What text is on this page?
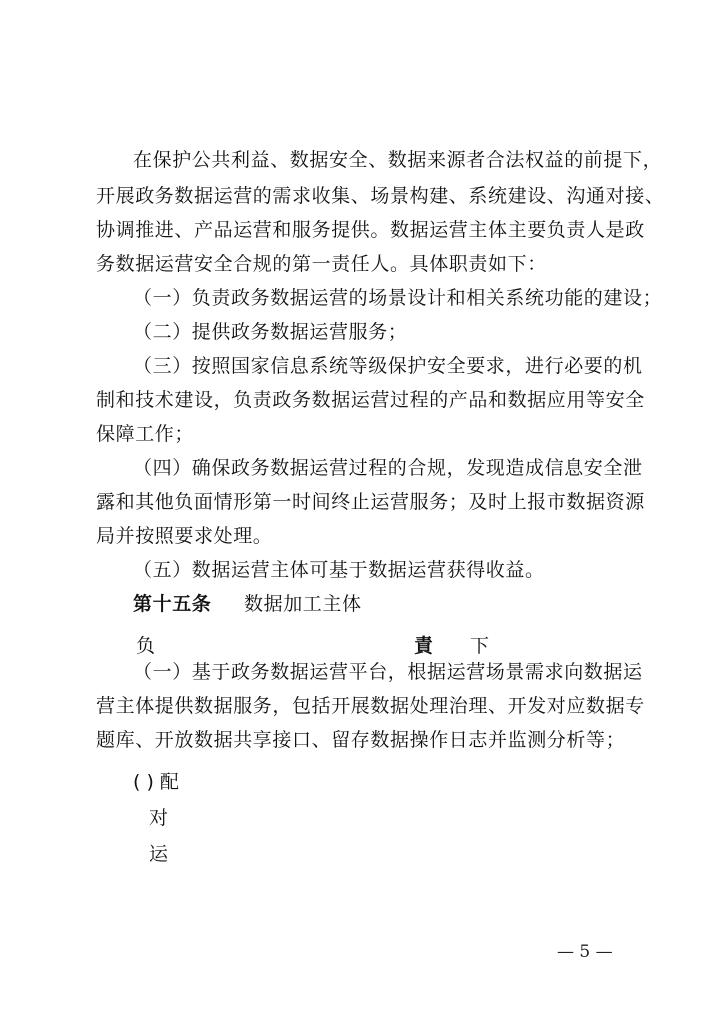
在保护公共利益、数据安全、数据来源者合法权益的前提下，
开展政务数据运营的需求收集、场景构建、系统建设、沟通对接、
协调推进、产品运营和服务提供。数据运营主体主要负责人是政
务数据运营安全合规的第一责任人。具体职责如下：
（一）负责政务数据运营的场景设计和相关系统功能的建设；
（二）提供政务数据运营服务；
（三）按照国家信息系统等级保护安全要求，进行必要的机
制和技术建设，负责政务数据运营过程的产品和数据应用等安全
保障工作；
（四）确保政务数据运营过程的合规，发现造成信息安全泄
露和其他负面情形第一时间终止运营服务；及时上报市数据资源
局并按照要求处理。
（五）数据运营主体可基于数据运营获得收益。
第十五条 数据加工主体
负	責 下
（一）基于政务数据运营平台，根据运营场景需求向数据运
营主体提供数据服务，包括开展数据处理治理、开发对应数据专
题库、开放数据共享接口、留存数据操作日志并监测分析等；
( ) 配
对
运
— 5 —
